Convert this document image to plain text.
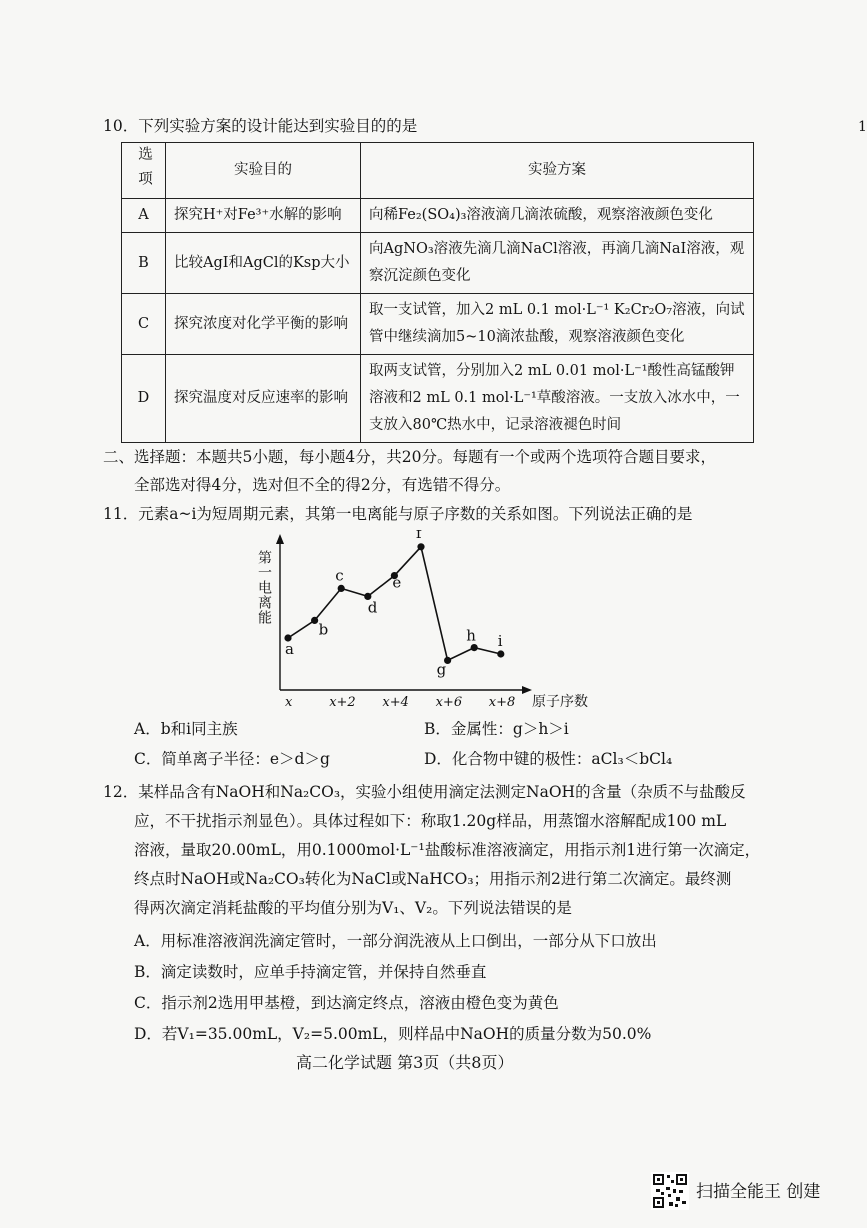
1
10．下列实验方案的设计能达到实验目的的是
选项	实验目的	实验方案
A	探究H⁺对Fe³⁺水解的影响	向稀Fe₂(SO₄)₃溶液滴几滴浓硫酸，观察溶液颜色变化
B	比较AgI和AgCl的Ksp大小	向AgNO₃溶液先滴几滴NaCl溶液，再滴几滴NaI溶液，观察沉淀颜色变化
C	探究浓度对化学平衡的影响	取一支试管，加入2 mL 0.1 mol·L⁻¹ K₂Cr₂O₇溶液，向试管中继续滴加5~10滴浓盐酸，观察溶液颜色变化
D	探究温度对反应速率的影响	取两支试管，分别加入2 mL 0.01 mol·L⁻¹酸性高锰酸钾溶液和2 mL 0.1 mol·L⁻¹草酸溶液。一支放入冰水中，一支放入80℃热水中，记录溶液褪色时间
二、选择题：本题共5小题，每小题4分，共20分。每题有一个或两个选项符合题目要求，
全部选对得4分，选对但不全的得2分，有选错不得分。
11．元素a~i为短周期元素，其第一电离能与原子序数的关系如图。下列说法正确的是
第一电离能
x	x+2 x+4 x+6 x+8 原子序数
a
b
c
d
e
f
g
h i
A．b和i同主族	B．金属性：g＞h＞i
C．简单离子半径：e＞d＞g	D．化合物中键的极性：aCl₃＜bCl₄
12．某样品含有NaOH和Na₂CO₃，实验小组使用滴定法测定NaOH的含量（杂质不与盐酸反
应，不干扰指示剂显色）。具体过程如下：称取1.20g样品，用蒸馏水溶解配成100 mL
溶液，量取20.00mL，用0.1000mol·L⁻¹盐酸标准溶液滴定，用指示剂1进行第一次滴定，
终点时NaOH或Na₂CO₃转化为NaCl或NaHCO₃；用指示剂2进行第二次滴定。最终测
得两次滴定消耗盐酸的平均值分别为V₁、V₂。下列说法错误的是
A．用标准溶液润洗滴定管时，一部分润洗液从上口倒出，一部分从下口放出
B．滴定读数时，应单手持滴定管，并保持自然垂直
C．指示剂2选用甲基橙，到达滴定终点，溶液由橙色变为黄色
D．若V₁=35.00mL，V₂=5.00mL，则样品中NaOH的质量分数为50.0%
高二化学试题 第3页（共8页）
扫描全能王 创建
